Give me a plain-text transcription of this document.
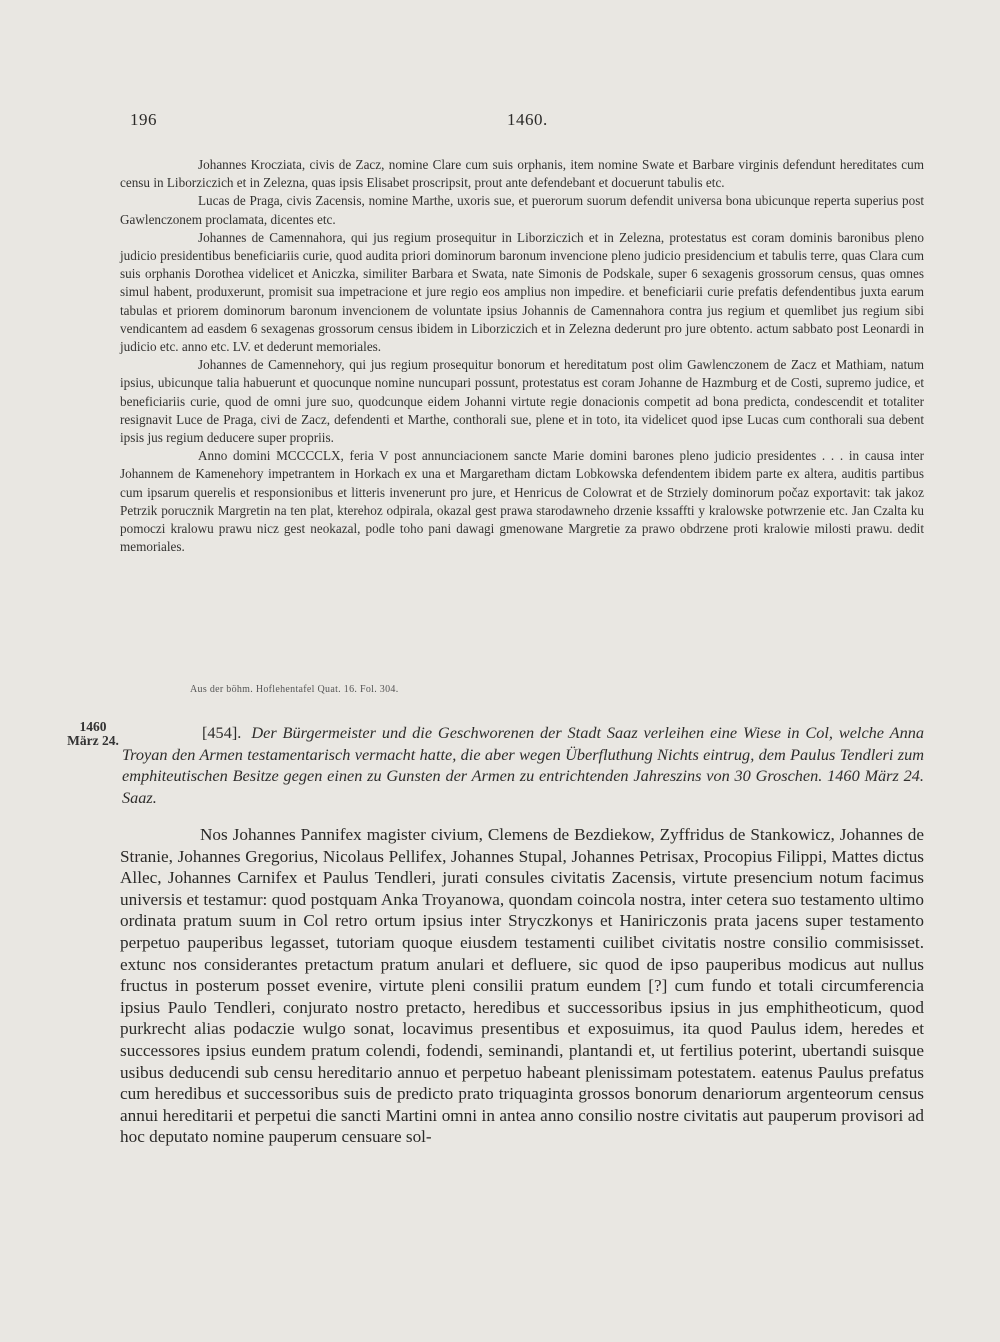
196	1460.

Johannes Krocziata, civis de Zacz, nomine Clare cum suis orphanis, item nomine Swate et Barbare virginis defendunt hereditates cum censu in Liborziczich et in Zelezna, quas ipsis Elisabet proscripsit, prout ante defendebant et docuerunt tabulis etc.

Lucas de Praga, civis Zacensis, nomine Marthe, uxoris sue, et puerorum suorum defendit universa bona ubicunque reperta superius post Gawlenczonem proclamata, dicentes etc.

Johannes de Camennahora, qui jus regium prosequitur in Liborziczich et in Zelezna, protestatus est coram dominis baronibus pleno judicio presidentibus beneficiariis curie, quod audita priori dominorum baronum invencione pleno judicio presidencium et tabulis terre, quas Clara cum suis orphanis Dorothea videlicet et Aniczka, similiter Barbara et Swata, nate Simonis de Podskale, super 6 sexagenis grossorum census, quas omnes simul habent, produxerunt, promisit sua impetracione et jure regio eos amplius non impedire. et beneficiarii curie prefatis defendentibus juxta earum tabulas et priorem dominorum baronum invencionem de voluntate ipsius Johannis de Camennahora contra jus regium et quemlibet jus regium sibi vendicantem ad easdem 6 sexagenas grossorum census ibidem in Liborziczich et in Zelezna dederunt pro jure obtento. actum sabbato post Leonardi in judicio etc. anno etc. LV. et dederunt memoriales.

Johannes de Camennehory, qui jus regium prosequitur bonorum et hereditatum post olim Gawlenczonem de Zacz et Mathiam, natum ipsius, ubicunque talia habuerunt et quocunque nomine nuncupari possunt, protestatus est coram Johanne de Hazmburg et de Costi, supremo judice, et beneficiariis curie, quod de omni jure suo, quodcunque eidem Johanni virtute regie donacionis competit ad bona predicta, condescendit et totaliter resignavit Luce de Praga, civi de Zacz, defendenti et Marthe, conthorali sue, plene et in toto, ita videlicet quod ipse Lucas cum conthorali sua debent ipsis jus regium deducere super propriis.

Anno domini MCCCCLX, feria V post annunciacionem sancte Marie domini barones pleno judicio presidentes . . . in causa inter Johannem de Kamenehory impetrantem in Horkach ex una et Margaretham dictam Lobkowska defendentem ibidem parte ex altera, auditis partibus cum ipsarum querelis et responsionibus et litteris invenerunt pro jure, et Henricus de Colowrat et de Strziely dominorum počaz exportavit: tak jakoz Petrzik porucznik Margretin na ten plat, kterehoz odpirala, okazal gest prawa starodawneho drzenie kssaffti y kralowske potwrzenie etc. Jan Czalta ku pomoczi kralowu prawu nicz gest neokazal, podle toho pani dawagi gmenowane Margretie za prawo obdrzene proti kralowie milosti prawu. dedit memoriales.

Aus der böhm. Hoflehentafel Quat. 16. Fol. 304.
1460
März 24.	[454]. Der Bürgermeister und die Geschworenen der Stadt Saaz verleihen eine Wiese in Col, welche Anna Troyan den Armen testamentarisch vermacht hatte, die aber wegen Überfluthung Nichts eintrug, dem Paulus Tendleri zum emphiteutischen Besitze gegen einen zu Gunsten der Armen zu entrichtenden Jahreszins von 30 Groschen. 1460 März 24. Saaz.

Nos Johannes Pannifex magister civium, Clemens de Bezdiekow, Zyffridus de Stankowicz, Johannes de Stranie, Johannes Gregorius, Nicolaus Pellifex, Johannes Stupal, Johannes Petrisax, Procopius Filippi, Mattes dictus Allec, Johannes Carnifex et Paulus Tendleri, jurati consules civitatis Zacensis, virtute presencium notum facimus universis et testamur: quod postquam Anka Troyanowa, quondam coincola nostra, inter cetera suo testamento ultimo ordinata pratum suum in Col retro ortum ipsius inter Stryczkonys et Haniriczonis prata jacens super testamento perpetuo pauperibus legasset, tutoriam quoque eiusdem testamenti cuilibet civitatis nostre consilio commisisset. extunc nos considerantes pretactum pratum anulari et defluere, sic quod de ipso pauperibus modicus aut nullus fructus in posterum posset evenire, virtute pleni consilii pratum eundem [?] cum fundo et totali circumferencia ipsius Paulo Tendleri, conjurato nostro pretacto, heredibus et successoribus ipsius in jus emphitheoticum, quod purkrecht alias podaczie wulgo sonat, locavimus presentibus et exposuimus, ita quod Paulus idem, heredes et successores ipsius eundem pratum colendi, fodendi, seminandi, plantandi et, ut fertilius poterint, ubertandi suisque usibus deducendi sub censu hereditario annuo et perpetuo habeant plenissimam potestatem. eatenus Paulus prefatus cum heredibus et successoribus suis de predicto prato triquaginta grossos bonorum denariorum argenteorum census annui hereditarii et perpetui die sancti Martini omni in antea anno consilio nostre civitatis aut pauperum provisori ad hoc deputato nomine pauperum censuare sol-
